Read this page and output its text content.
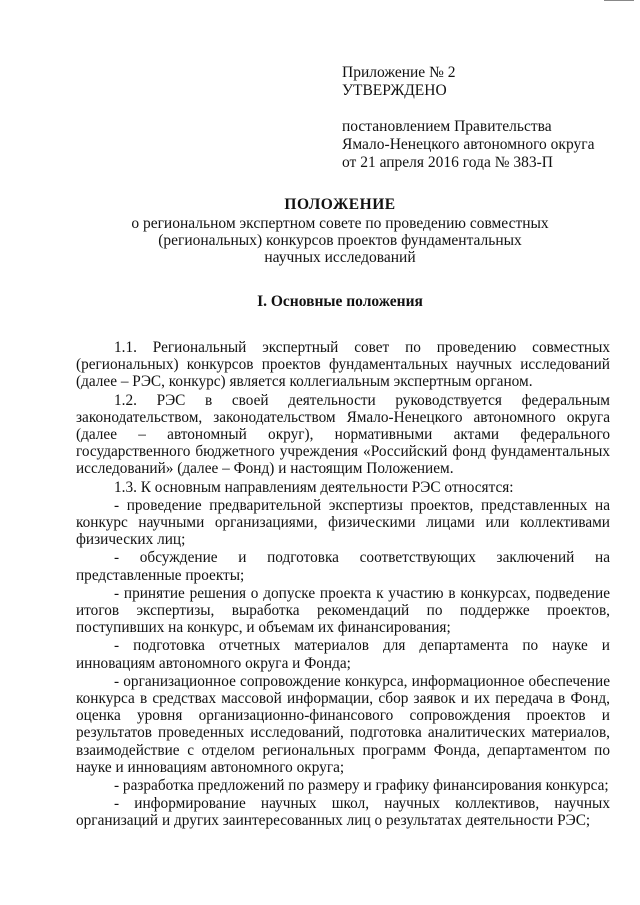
Приложение № 2
УТВЕРЖДЕНО
постановлением Правительства
Ямало-Ненецкого автономного округа
от 21 апреля 2016 года № 383-П
ПОЛОЖЕНИЕ
о региональном экспертном совете по проведению совместных
(региональных) конкурсов проектов фундаментальных
научных исследований
I. Основные положения

1.1. Региональный экспертный совет по проведению совместных (региональных) конкурсов проектов фундаментальных научных исследований (далее – РЭС, конкурс) является коллегиальным экспертным органом.

1.2. РЭС в своей деятельности руководствуется федеральным законодательством, законодательством Ямало-Ненецкого автономного округа (далее – автономный округ), нормативными актами федерального государственного бюджетного учреждения «Российский фонд фундаментальных исследований» (далее – Фонд) и настоящим Положением.

1.3. К основным направлениям деятельности РЭС относятся:

- проведение предварительной экспертизы проектов, представленных на конкурс научными организациями, физическими лицами или коллективами физических лиц;

- обсуждение и подготовка соответствующих заключений на представленные проекты;

- принятие решения о допуске проекта к участию в конкурсах, подведение итогов экспертизы, выработка рекомендаций по поддержке проектов, поступивших на конкурс, и объемам их финансирования;

- подготовка отчетных материалов для департамента по науке и инновациям автономного округа и Фонда;

- организационное сопровождение конкурса, информационное обеспечение конкурса в средствах массовой информации, сбор заявок и их передача в Фонд, оценка уровня организационно-финансового сопровождения проектов и результатов проведенных исследований, подготовка аналитических материалов, взаимодействие с отделом региональных программ Фонда, департаментом по науке и инновациям автономного округа;

- разработка предложений по размеру и графику финансирования конкурса;

- информирование научных школ, научных коллективов, научных организаций и других заинтересованных лиц о результатах деятельности РЭС;
